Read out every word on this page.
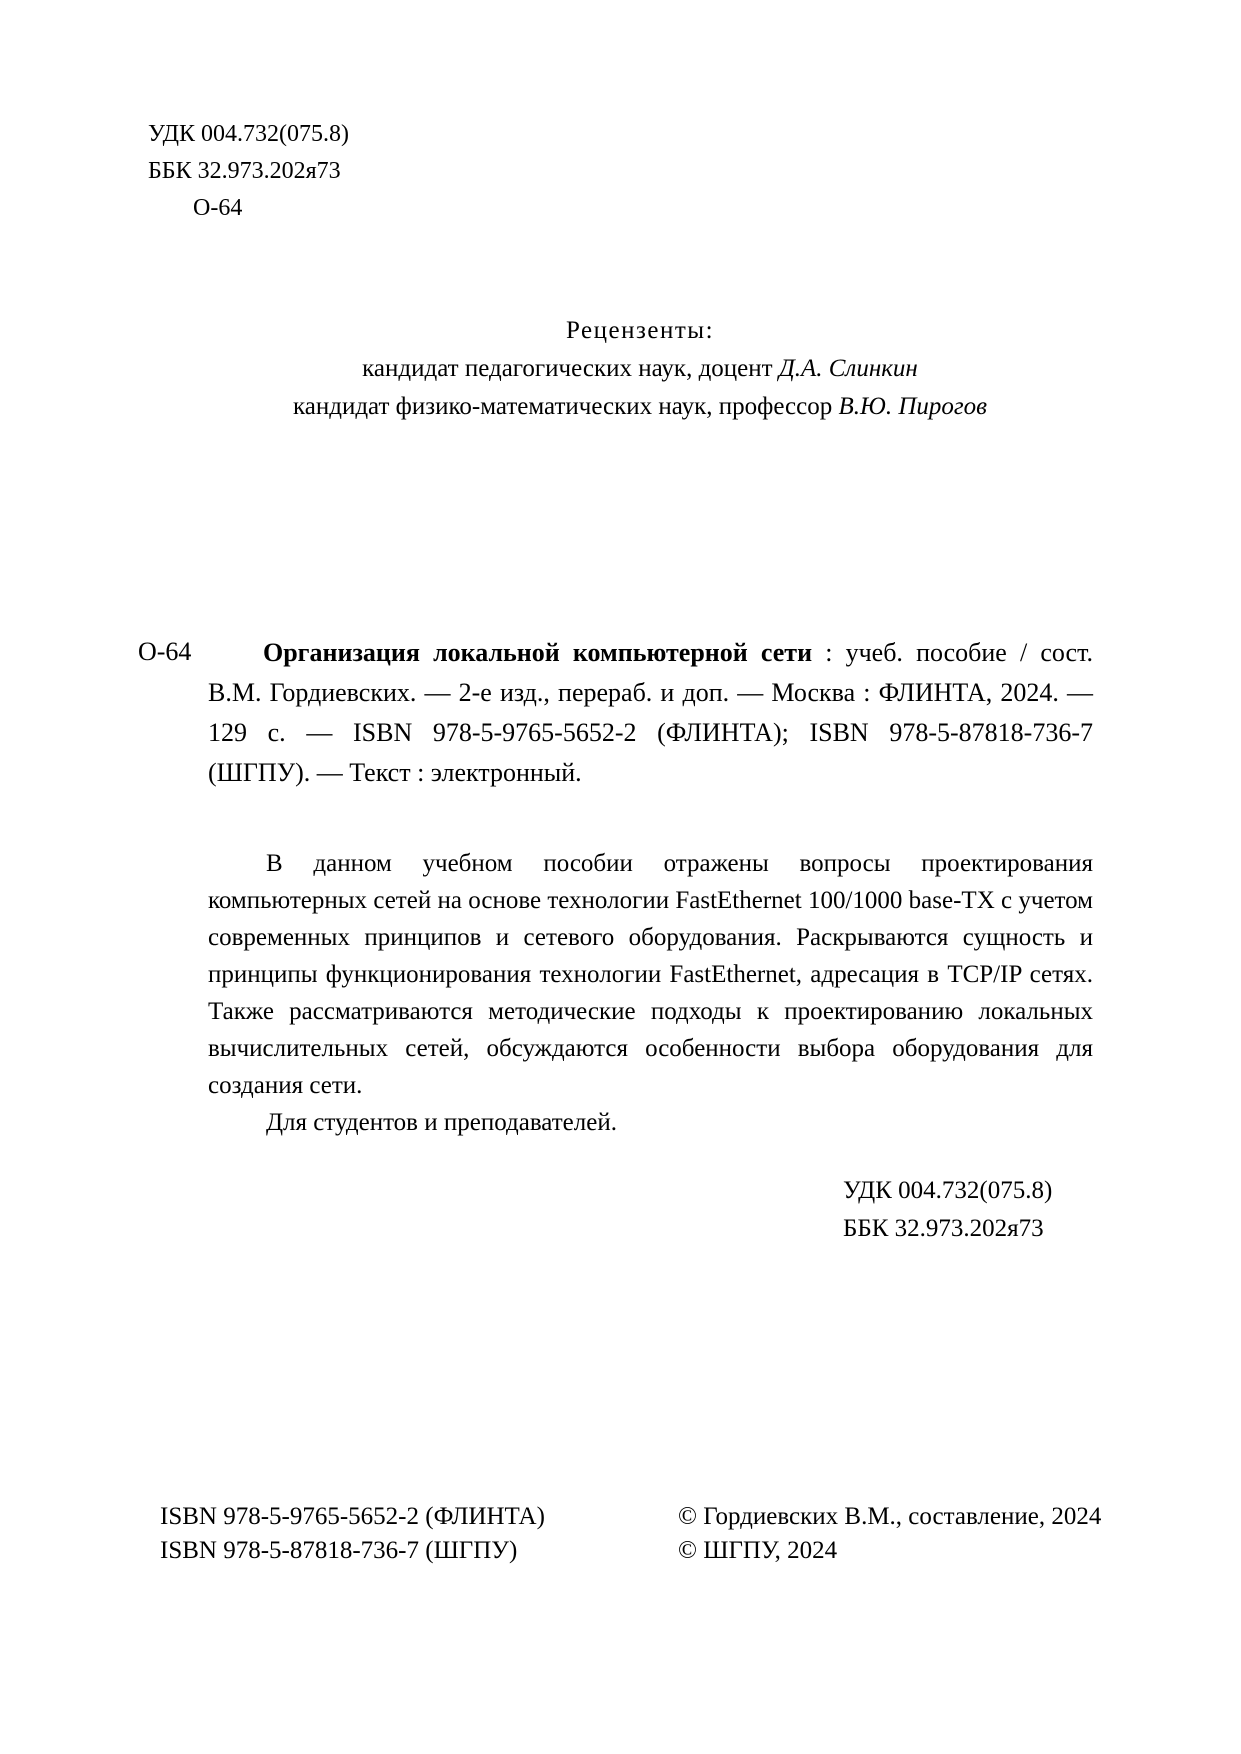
УДК 004.732(075.8)
ББК 32.973.202я73
О-64
Рецензенты:
кандидат педагогических наук, доцент Д.А. Слинкин
кандидат физико-математических наук, профессор В.Ю. Пирогов
О-64	Организация локальной компьютерной сети : учеб. пособие / сост. В.М. Гордиевских. — 2-е изд., перераб. и доп. — Москва : ФЛИНТА, 2024. — 129 с. — ISBN 978-5-9765-5652-2 (ФЛИНТА); ISBN 978-5-87818-736-7 (ШГПУ). — Текст : электронный.

В данном учебном пособии отражены вопросы проектирования компьютерных сетей на основе технологии FastEthernet 100/1000 base-TX с учетом современных принципов и сетевого оборудования. Раскрываются сущность и принципы функционирования технологии FastEthernet, адресация в TCP/IP сетях. Также рассматриваются методические подходы к проектированию локальных вычислительных сетей, обсуждаются особенности выбора оборудования для создания сети.

Для студентов и преподавателей.

УДК 004.732(075.8)
ББК 32.973.202я73
ISBN 978-5-9765-5652-2 (ФЛИНТА)
ISBN 978-5-87818-736-7 (ШГПУ)
© Гордиевских В.М., составление, 2024
© ШГПУ, 2024
